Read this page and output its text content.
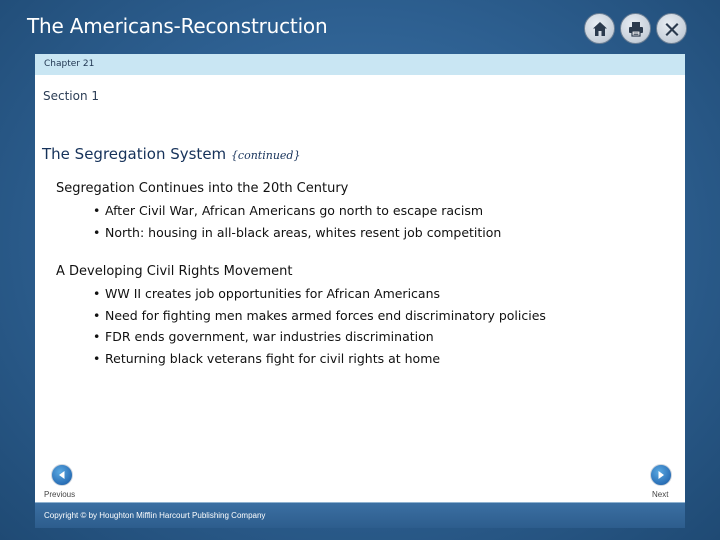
The Americans-Reconstruction
Chapter 21
Section 1
The Segregation System {continued}
Segregation Continues into the 20th Century
• After Civil War, African Americans go north to escape racism
• North: housing in all-black areas, whites resent job competition
A Developing Civil Rights Movement
• WW II creates job opportunities for African Americans
• Need for fighting men makes armed forces end discriminatory policies
• FDR ends government, war industries discrimination
• Returning black veterans fight for civil rights at home
Previous	Next
Copyright © by Houghton Mifflin Harcourt Publishing Company
